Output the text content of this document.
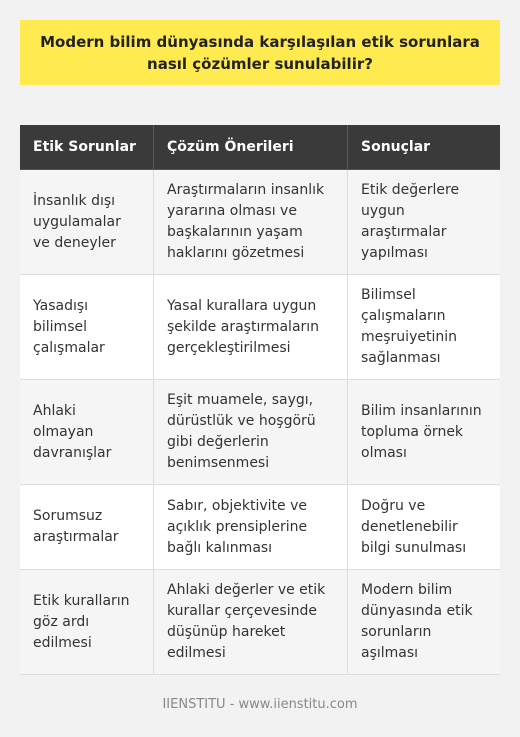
Modern bilim dünyasında karşılaşılan etik sorunlara nasıl çözümler sunulabilir?
Etik Sorunlar	Çözüm Önerileri	Sonuçlar
İnsanlık dışı uygulamalar ve deneyler
Araştırmaların insanlık yararına olması ve başkalarının yaşam haklarını gözetmesi
Etik değerlere uygun araştırmalar yapılması
Yasadışı bilimsel çalışmalar
Yasal kurallara uygun şekilde araştırmaların gerçekleştirilmesi
Bilimsel çalışmaların meşruiyetinin sağlanması
Ahlaki olmayan davranışlar
Eşit muamele, saygı, dürüstlük ve hoşgörü gibi değerlerin benimsenmesi
Bilim insanlarının topluma örnek olması
Sorumsuz araştırmalar
Sabır, objektivite ve açıklık prensiplerine bağlı kalınması
Doğru ve denetlenebilir bilgi sunulması
Etik kuralların göz ardı edilmesi
Ahlaki değerler ve etik kurallar çerçevesinde düşünüp hareket edilmesi
Modern bilim dünyasında etik sorunların aşılması
IIENSTITU - www.iienstitu.com
